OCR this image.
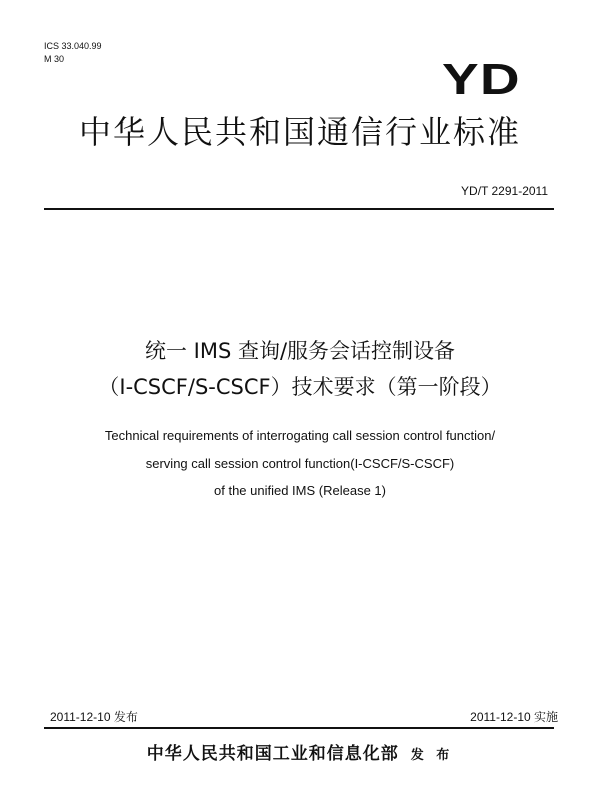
ICS 33.040.99
M 30	YD
中华人民共和国通信行业标准
YD/T 2291-2011
统一 IMS 查询/服务会话控制设备
（I-CSCF/S-CSCF）技术要求（第一阶段）
Technical requirements of interrogating call session control function/
serving call session control function(I-CSCF/S-CSCF)
of the unified IMS (Release 1)
2011-12-10 发布	2011-12-10 实施
中华人民共和国工业和信息化部 发 布
